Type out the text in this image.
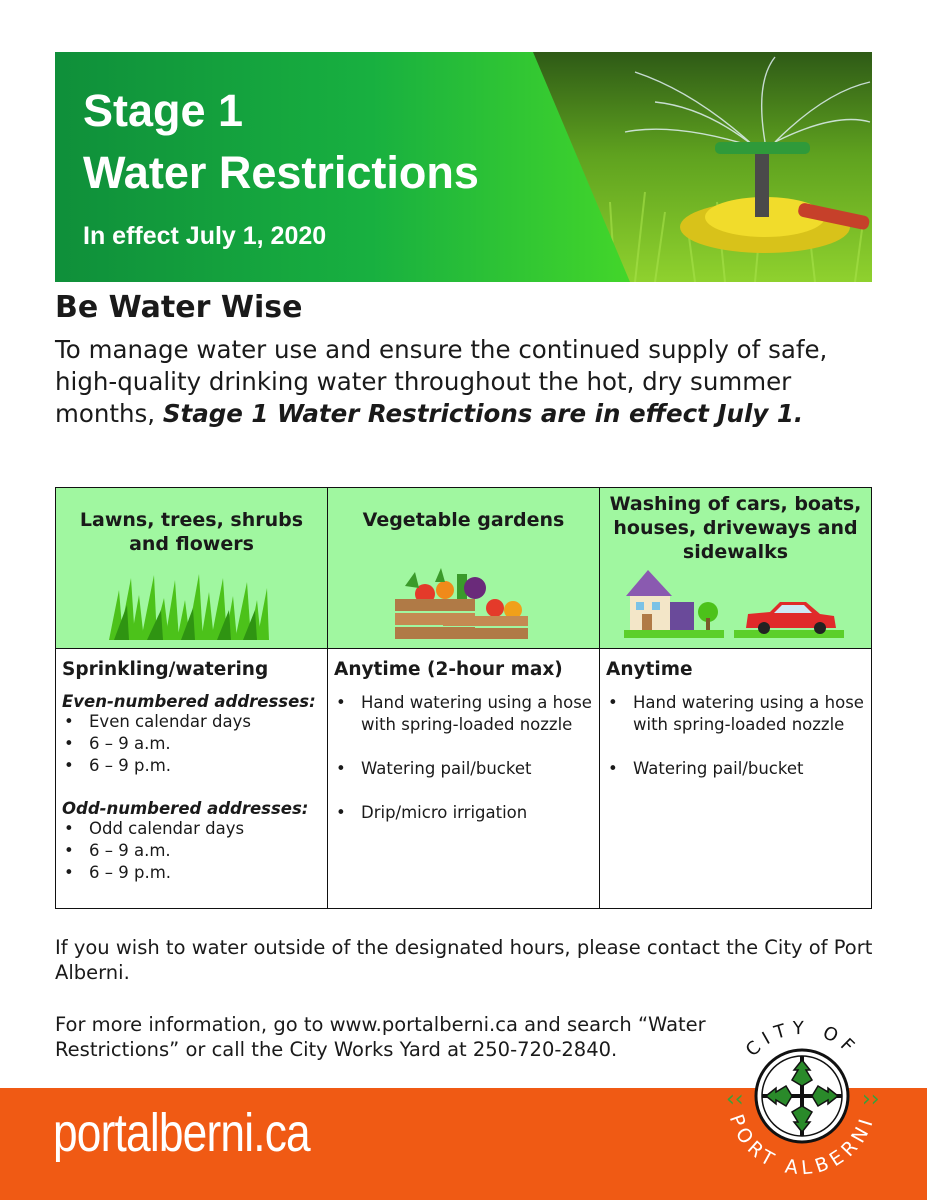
Stage 1
Water Restrictions
In effect July 1, 2020
Be Water Wise
To manage water use and ensure the continued supply of safe, high-quality drinking water throughout the hot, dry summer months, Stage 1 Water Restrictions are in effect July 1.
Lawns, trees, shrubs and flowers
Vegetable gardens
Washing of cars, boats, houses, driveways and sidewalks
Sprinkling/watering
Even-numbered addresses:
• Even calendar days
• 6 – 9 a.m.
• 6 – 9 p.m.
Odd-numbered addresses:
• Odd calendar days
• 6 – 9 a.m.
• 6 – 9 p.m.
Anytime (2-hour max)
• Hand watering using a hose with spring-loaded nozzle
• Watering pail/bucket
• Drip/micro irrigation
Anytime
• Hand watering using a hose with spring-loaded nozzle
• Watering pail/bucket
If you wish to water outside of the designated hours, please contact the City of Port Alberni.
For more information, go to www.portalberni.ca and search “Water Restrictions” or call the City Works Yard at 250-720-2840.
portalberni.ca
CITY OF
PORT ALBERNI
‹‹	››
